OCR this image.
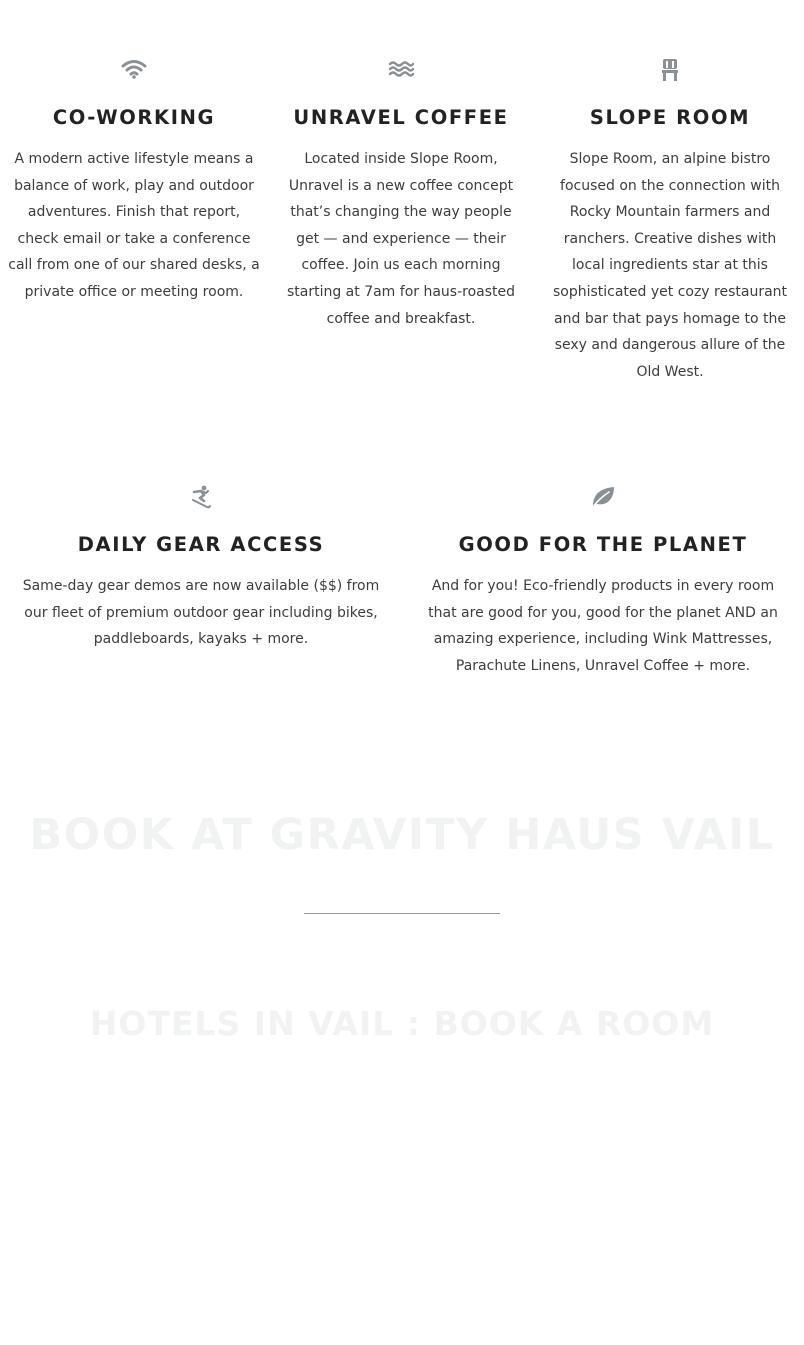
CO-WORKING

A modern active lifestyle means a balance of work, play and outdoor adventures. Finish that report, check email or take a conference call from one of our shared desks, a private office or meeting room.

UNRAVEL COFFEE

Located inside Slope Room, Unravel is a new coffee concept that’s changing the way people get — and experience — their coffee. Join us each morning starting at 7am for haus-roasted coffee and breakfast.

SLOPE ROOM

Slope Room, an alpine bistro focused on the connection with Rocky Mountain farmers and ranchers. Creative dishes with local ingredients star at this sophisticated yet cozy restaurant and bar that pays homage to the sexy and dangerous allure of the Old West.

DAILY GEAR ACCESS

Same-day gear demos are now available ($$) from our fleet of premium outdoor gear including bikes, paddleboards, kayaks + more.

GOOD FOR THE PLANET

And for you! Eco-friendly products in every room that are good for you, good for the planet AND an amazing experience, including Wink Mattresses, Parachute Linens, Unravel Coffee + more.

BOOK AT GRAVITY HAUS VAIL
HOTELS IN VAIL : BOOK A ROOM
